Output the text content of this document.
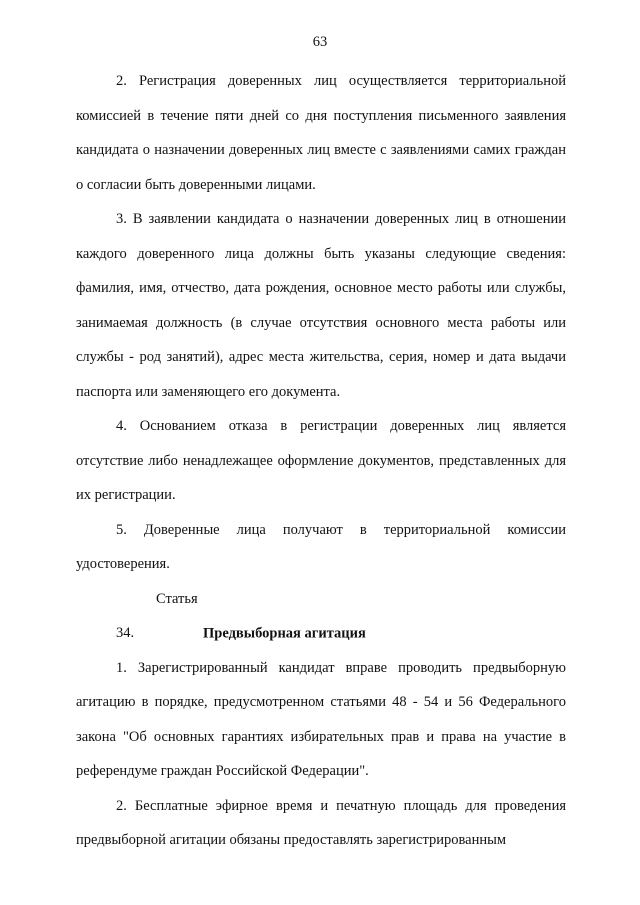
63

2. Регистрация доверенных лиц осуществляется территориальной комиссией в течение пяти дней со дня поступления письменного заявления кандидата о назначении доверенных лиц вместе с заявлениями самих граждан о согласии быть доверенными лицами.

3. В заявлении кандидата о назначении доверенных лиц в отношении каждого доверенного лица должны быть указаны следующие сведения: фамилия, имя, отчество, дата рождения, основное место работы или службы, занимаемая должность (в случае отсутствия основного места работы или службы - род занятий), адрес места жительства, серия, номер и дата выдачи паспорта или заменяющего его документа.

4. Основанием отказа в регистрации доверенных лиц является отсутствие либо ненадлежащее оформление документов, представленных для их регистрации.

5. Доверенные лица получают в территориальной комиссии удостоверения.

Статья 34.	Предвыборная агитация

1. Зарегистрированный кандидат вправе проводить предвыборную агитацию в порядке, предусмотренном статьями 48 - 54 и 56 Федерального закона "Об основных гарантиях избирательных прав и права на участие в референдуме граждан Российской Федерации".

2. Бесплатные эфирное время и печатную площадь для проведения предвыборной агитации обязаны предоставлять зарегистрированным
